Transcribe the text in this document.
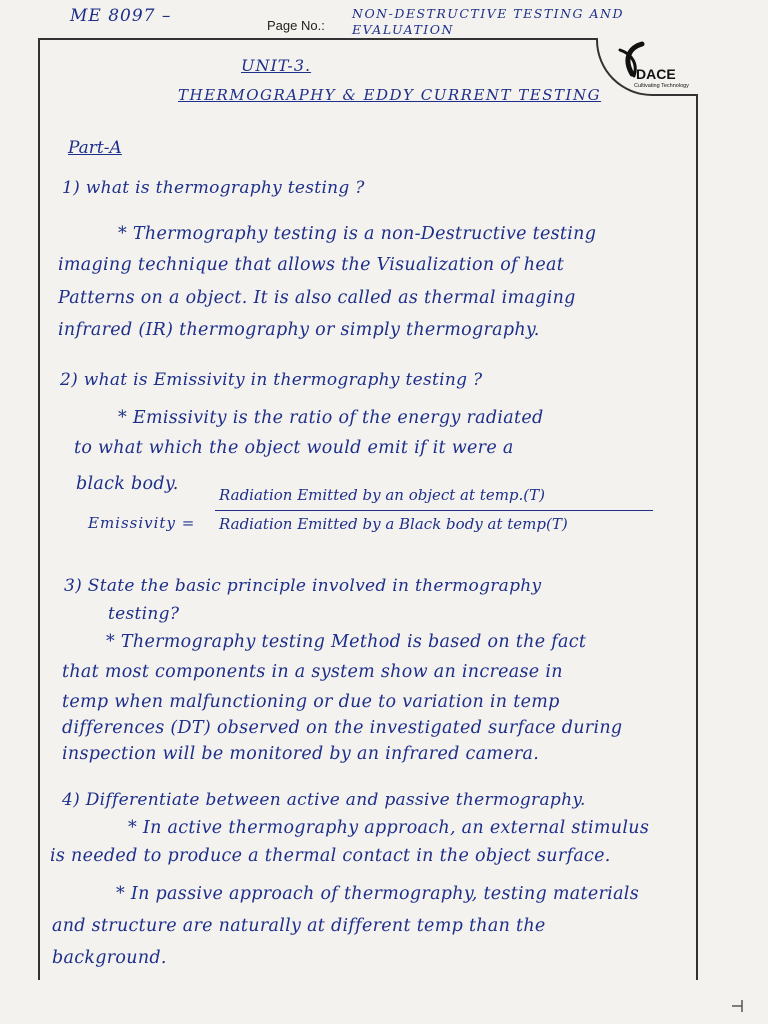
ME 8097 –	Page No.:
NON-DESTRUCTIVE TESTING AND EVALUATION
DACE
Cultivating Technology
UNIT-3.
THERMOGRAPHY & EDDY CURRENT TESTING
Part-A
1) what is thermography testing ?
* Thermography testing is a non-Destructive testing
imaging technique that allows the Visualization of heat
Patterns on a object. It is also called as thermal imaging
infrared (IR) thermography or simply thermography.
2) what is Emissivity in thermography testing ?
* Emissivity is the ratio of the energy radiated
to what which the object would emit if it were a
black body.
Emissivity =
Radiation Emitted by an object at temp.(T)
Radiation Emitted by a Black body at temp(T)
3) State the basic principle involved in thermography
testing?
* Thermography testing Method is based on the fact
that most components in a system show an increase in
temp when malfunctioning or due to variation in temp
differences (DT) observed on the investigated surface during
inspection will be monitored by an infrared camera.
4) Differentiate between active and passive thermography.
* In active thermography approach, an external stimulus
is needed to produce a thermal contact in the object surface.
* In passive approach of thermography, testing materials
and structure are naturally at different temp than the
background.
